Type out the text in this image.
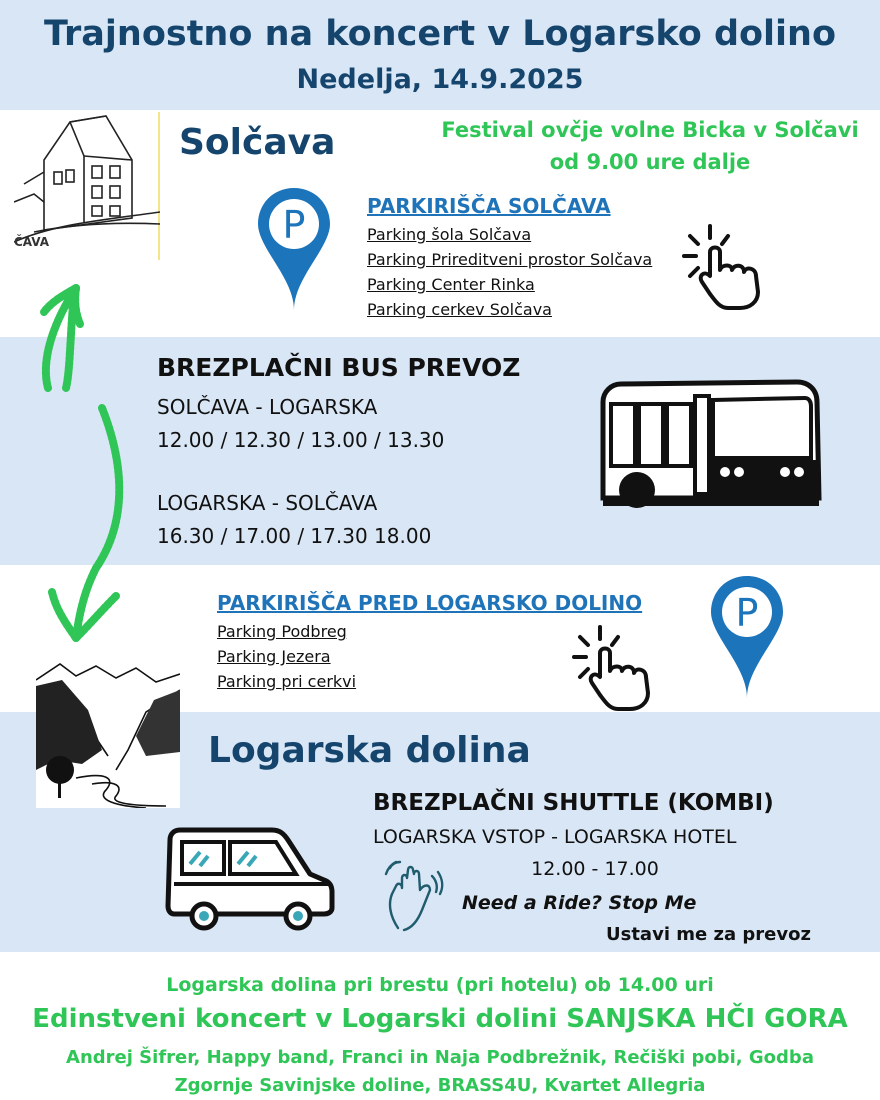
Trajnostno na koncert v Logarsko dolino
Nedelja, 14.9.2025
ČAVA
Solčava	Festival ovčje volne Bicka v Solčavi
od 9.00 ure dalje
P	PARKIRIŠČA SOLČAVA
Parking šola Solčava
Parking Prireditveni prostor Solčava
Parking Center Rinka
Parking cerkev Solčava
BREZPLAČNI BUS PREVOZ
SOLČAVA - LOGARSKA
12.00 / 12.30 / 13.00 / 13.30
LOGARSKA - SOLČAVA
16.30 / 17.00 / 17.30 18.00
PARKIRIŠČA PRED LOGARSKO DOLINO
Parking Podbreg
Parking Jezera
Parking pri cerkvi
P
Logarska dolina
BREZPLAČNI SHUTTLE (KOMBI)
LOGARSKA VSTOP - LOGARSKA HOTEL
12.00 - 17.00
Need a Ride? Stop Me
Ustavi me za prevoz
Logarska dolina pri brestu (pri hotelu) ob 14.00 uri
Edinstveni koncert v Logarski dolini SANJSKA HČI GORA
Andrej Šifrer, Happy band, Franci in Naja Podbrežnik, Rečiški pobi, Godba
Zgornje Savinjske doline, BRASS4U, Kvartet Allegria
